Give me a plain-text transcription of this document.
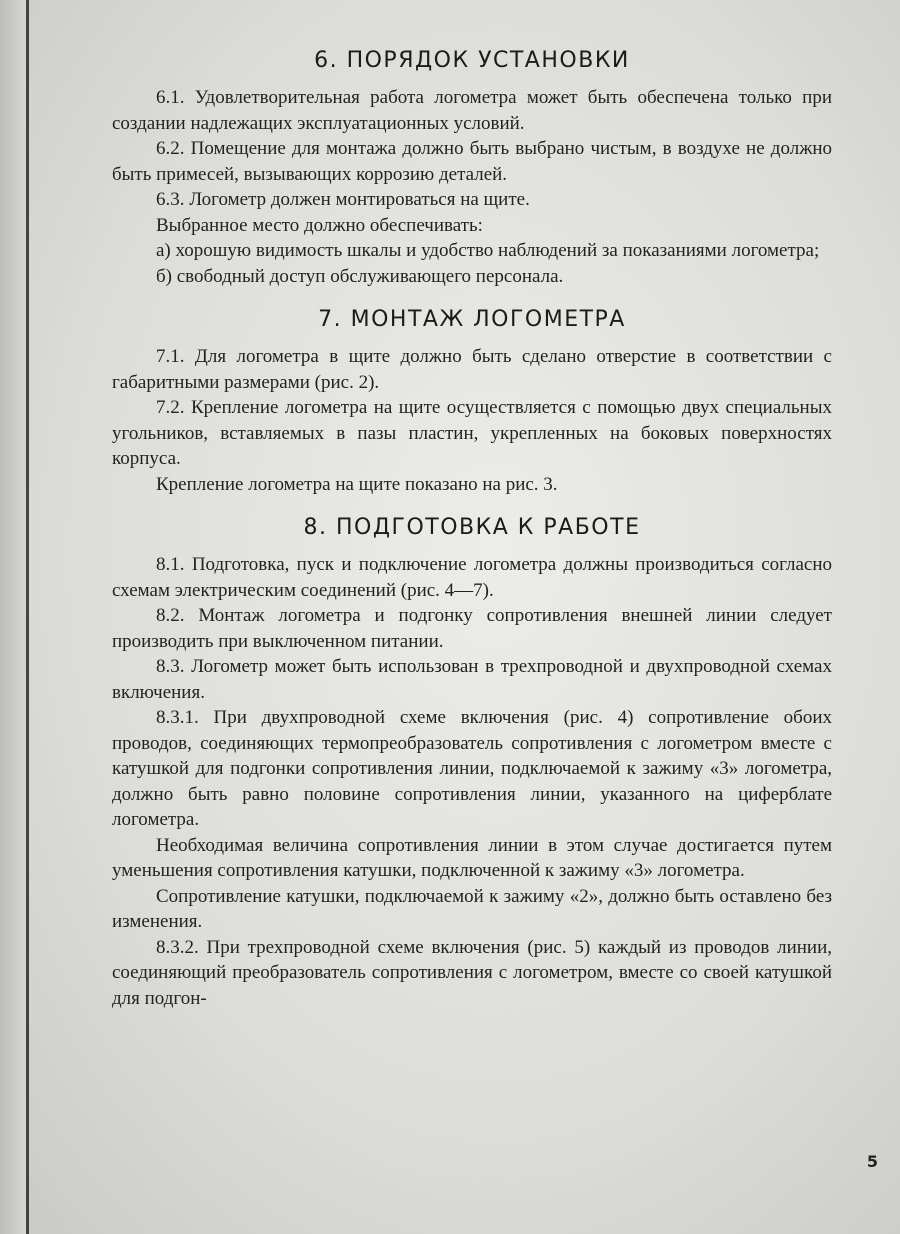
6. ПОРЯДОК УСТАНОВКИ

6.1. Удовлетворительная работа логометра может быть обеспечена только при создании надлежащих эксплуатационных условий.

6.2. Помещение для монтажа должно быть выбрано чистым, в воздухе не должно быть примесей, вызывающих коррозию деталей.

6.3. Логометр должен монтироваться на щите.

Выбранное место должно обеспечивать:

а) хорошую видимость шкалы и удобство наблюдений за показаниями логометра;

б) свободный доступ обслуживающего персонала.

7. МОНТАЖ ЛОГОМЕТРА

7.1. Для логометра в щите должно быть сделано отверстие в соответствии с габаритными размерами (рис. 2).

7.2. Крепление логометра на щите осуществляется с помощью двух специальных угольников, вставляемых в пазы пластин, укрепленных на боковых поверхностях корпуса.

Крепление логометра на щите показано на рис. 3.

8. ПОДГОТОВКА К РАБОТЕ

8.1. Подготовка, пуск и подключение логометра должны производиться согласно схемам электрическим соединений (рис. 4—7).

8.2. Монтаж логометра и подгонку сопротивления внешней линии следует производить при выключенном питании.

8.3. Логометр может быть использован в трехпроводной и двухпроводной схемах включения.

8.3.1. При двухпроводной схеме включения (рис. 4) сопротивление обоих проводов, соединяющих термопреобразователь сопротивления с логометром вместе с катушкой для подгонки сопротивления линии, подключаемой к зажиму «3» логометра, должно быть равно половине сопротивления линии, указанного на циферблате логометра.

Необходимая величина сопротивления линии в этом случае достигается путем уменьшения сопротивления катушки, подключенной к зажиму «3» логометра.

Сопротивление катушки, подключаемой к зажиму «2», должно быть оставлено без изменения.

8.3.2. При трехпроводной схеме включения (рис. 5) каждый из проводов линии, соединяющий преобразователь сопротивления с логометром, вместе со своей катушкой для подгон-

5
